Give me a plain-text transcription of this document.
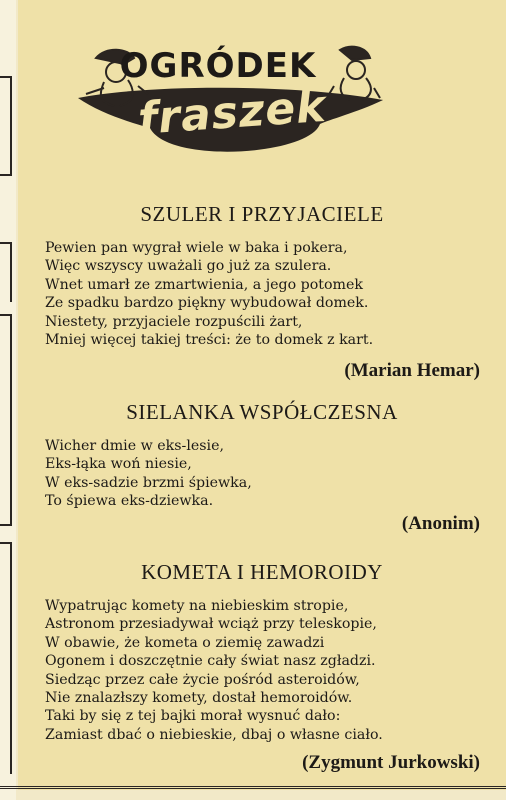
OGRÓDEK
fraszek
SZULER I PRZYJACIELE
Pewien pan wygrał wiele w baka i pokera,
Więc wszyscy uważali go już za szulera.
Wnet umarł ze zmartwienia, a jego potomek
Ze spadku bardzo piękny wybudował domek.
Niestety, przyjaciele rozpuścili żart,
Mniej więcej takiej treści: że to domek z kart.
(Marian Hemar)
SIELANKA WSPÓŁCZESNA
Wicher dmie w eks-lesie,
Eks-łąka woń niesie,
W eks-sadzie brzmi śpiewka,
To śpiewa eks-dziewka.
(Anonim)
KOMETA I HEMOROIDY
Wypatrując komety na niebieskim stropie,
Astronom przesiadywał wciąż przy teleskopie,
W obawie, że kometa o ziemię zawadzi
Ogonem i doszczętnie cały świat nasz zgładzi.
Siedząc przez całe życie pośród asteroidów,
Nie znalazłszy komety, dostał hemoroidów.
Taki by się z tej bajki morał wysnuć dało:
Zamiast dbać o niebieskie, dbaj o własne ciało.
(Zygmunt Jurkowski)
